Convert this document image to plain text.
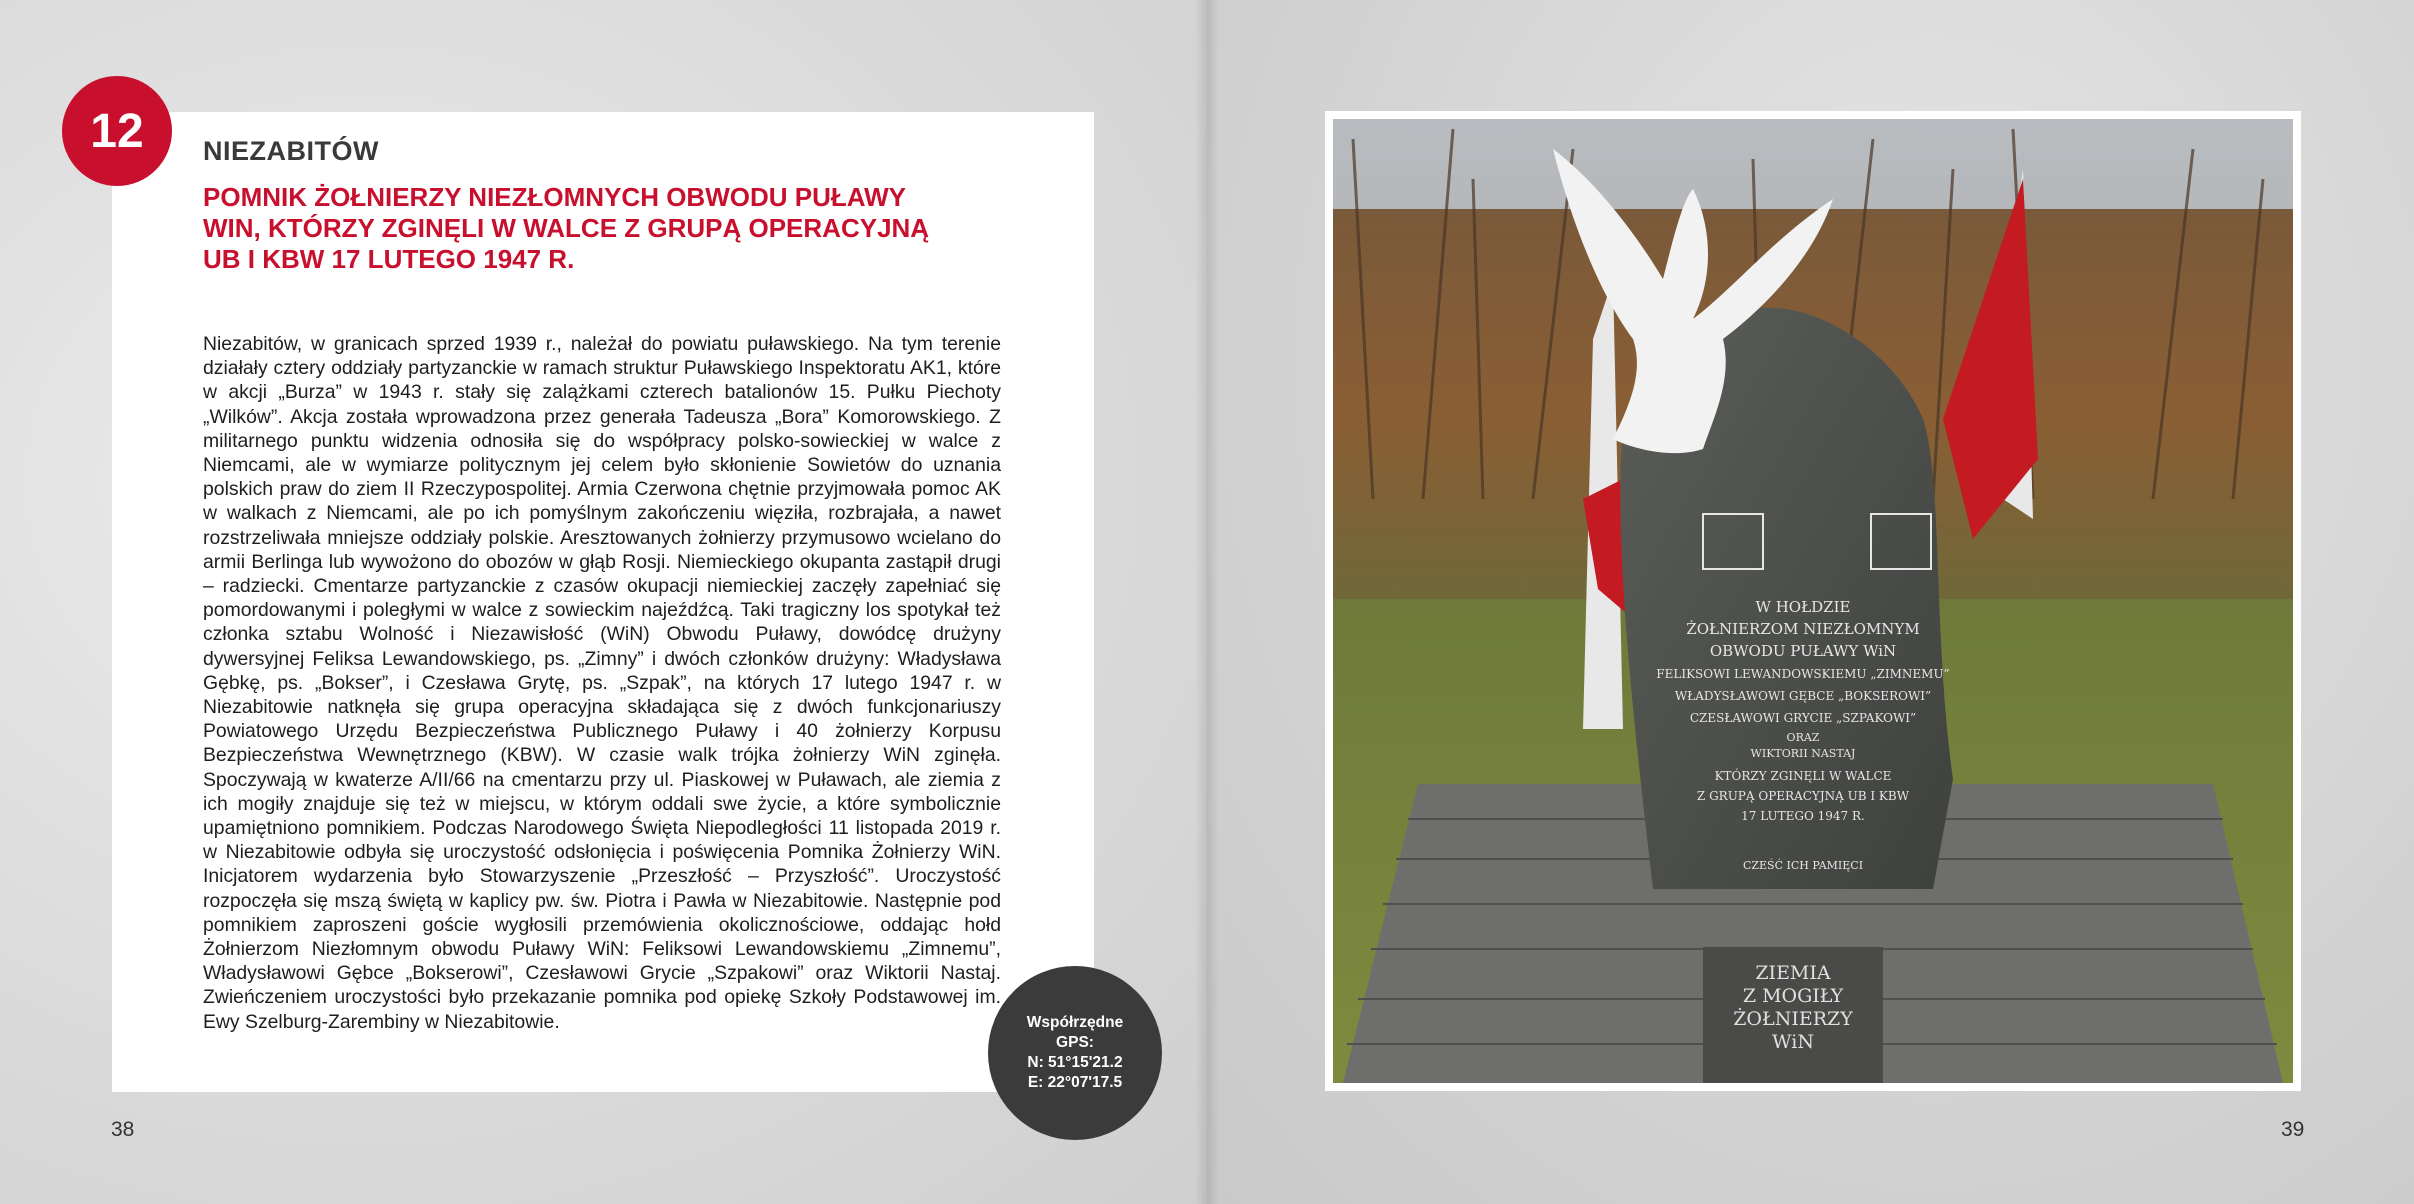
12	NIEZABITÓW
POMNIK ŻOŁNIERZY NIEZŁOMNYCH OBWODU PUŁAWY
WIN, KTÓRZY ZGINĘLI W WALCE Z GRUPĄ OPERACYJNĄ
UB I KBW 17 LUTEGO 1947 R.
Niezabitów, w granicach sprzed 1939 r., należał do powiatu puławskiego. Na tym terenie działały cztery oddziały partyzanckie w ramach struktur Puławskiego Inspektoratu AK1, które w akcji „Burza” w 1943 r. stały się zalążkami czterech batalionów 15. Pułku Piechoty „Wilków”. Akcja została wprowadzona przez generała Tadeusza „Bora” Komorowskiego. Z militarnego punktu widzenia odnosiła się do współpracy polsko-sowieckiej w walce z Niemcami, ale w wymiarze politycznym jej celem było skłonienie Sowietów do uznania polskich praw do ziem II Rzeczypospolitej. Armia Czerwona chętnie przyjmowała pomoc AK w walkach z Niemcami, ale po ich pomyślnym zakończeniu więziła, rozbrajała, a nawet rozstrzeliwała mniejsze oddziały polskie. Aresztowanych żołnierzy przymusowo wcielano do armii Berlinga lub wywożono do obozów w głąb Rosji. Niemieckiego okupanta zastąpił drugi – radziecki. Cmentarze partyzanckie z czasów okupacji niemieckiej zaczęły zapełniać się pomordowanymi i poległymi w walce z sowieckim najeźdźcą. Taki tragiczny los spotykał też członka sztabu Wolność i Niezawisłość (WiN) Obwodu Puławy, dowódcę drużyny dywersyjnej Feliksa Lewandowskiego, ps. „Zimny” i dwóch członków drużyny: Władysława Gębkę, ps. „Bokser”, i Czesława Grytę, ps. „Szpak”, na których 17 lutego 1947 r. w Niezabitowie natknęła się grupa operacyjna składająca się z dwóch funkcjonariuszy Powiatowego Urzędu Bezpieczeństwa Publicznego Puławy i 40 żołnierzy Korpusu Bezpieczeństwa Wewnętrznego (KBW). W czasie walk trójka żołnierzy WiN zginęła. Spoczywają w kwaterze A/II/66 na cmentarzu przy ul. Piaskowej w Puławach, ale ziemia z ich mogiły znajduje się też w miejscu, w którym oddali swe życie, a które symbolicznie upamiętniono pomnikiem. Podczas Narodowego Święta Niepodległości 11 listopada 2019 r. w Niezabitowie odbyła się uroczystość odsłonięcia i poświęcenia Pomnika Żołnierzy WiN. Inicjatorem wydarzenia było Stowarzyszenie „Przeszłość – Przyszłość”. Uroczystość rozpoczęła się mszą świętą w kaplicy pw. św. Piotra i Pawła w Niezabitowie. Następnie pod pomnikiem zaproszeni goście wygłosili przemówienia okolicznościowe, oddając hołd Żołnierzom Niezłomnym obwodu Puławy WiN: Feliksowi Lewandowskiemu „Zimnemu”, Władysławowi Gębce „Bokserowi”, Czesławowi Grycie „Szpakowi” oraz Wiktorii Nastaj. Zwieńczeniem uroczystości było przekazanie pomnika pod opiekę Szkoły Podstawowej im. Ewy Szelburg-Zarembiny w Niezabitowie.	Współrzędne
GPS:
N: 51°15'21.2
E: 22°07'17.5
38	39
W HOŁDZIE
ŻOŁNIERZOM NIEZŁOMNYM
OBWODU PUŁAWY WiN
FELIKSOWI LEWANDOWSKIEMU „ZIMNEMU”
WŁADYSŁAWOWI GĘBCE „BOKSEROWI”
CZESŁAWOWI GRYCIE „SZPAKOWI”
ORAZ
WIKTORII NASTAJ
KTÓRZY ZGINĘLI W WALCE
Z GRUPĄ OPERACYJNĄ UB I KBW
17 LUTEGO 1947 R.
CZEŚĆ ICH PAMIĘCI
ZIEMIA
Z MOGIŁY
ŻOŁNIERZY
WiN
